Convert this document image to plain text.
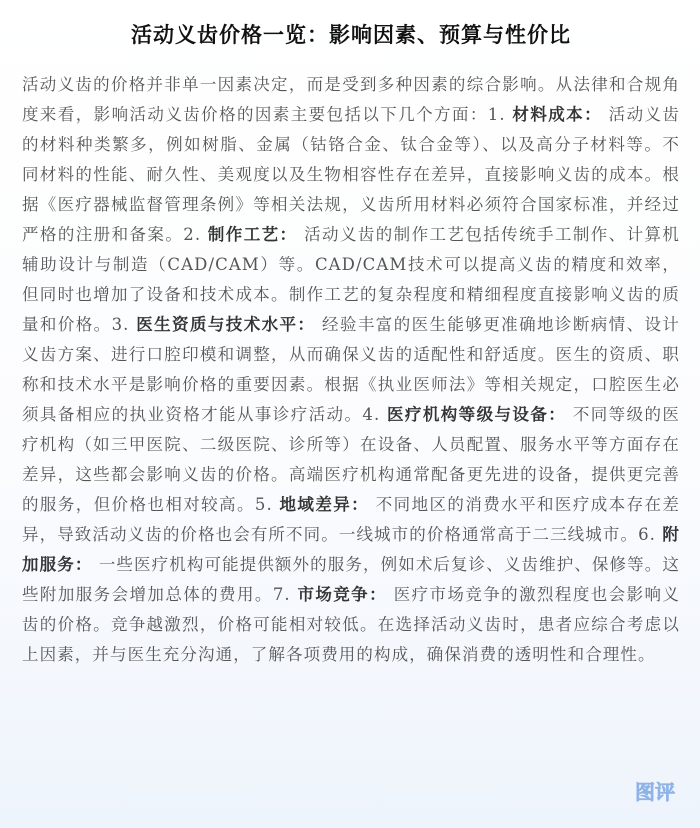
活动义齿价格一览：影响因素、预算与性价比

活动义齿的价格并非单一因素决定，而是受到多种因素的综合影响。从法律和合规角度来看，影响活动义齿价格的因素主要包括以下几个方面：1. 材料成本： 活动义齿的材料种类繁多，例如树脂、金属（钴铬合金、钛合金等）、以及高分子材料等。不同材料的性能、耐久性、美观度以及生物相容性存在差异，直接影响义齿的成本。根据《医疗器械监督管理条例》等相关法规，义齿所用材料必须符合国家标准，并经过严格的注册和备案。2. 制作工艺： 活动义齿的制作工艺包括传统手工制作、计算机辅助设计与制造（CAD/CAM）等。CAD/CAM技术可以提高义齿的精度和效率，但同时也增加了设备和技术成本。制作工艺的复杂程度和精细程度直接影响义齿的质量和价格。3. 医生资质与技术水平： 经验丰富的医生能够更准确地诊断病情、设计义齿方案、进行口腔印模和调整，从而确保义齿的适配性和舒适度。医生的资质、职称和技术水平是影响价格的重要因素。根据《执业医师法》等相关规定，口腔医生必须具备相应的执业资格才能从事诊疗活动。4. 医疗机构等级与设备： 不同等级的医疗机构（如三甲医院、二级医院、诊所等）在设备、人员配置、服务水平等方面存在差异，这些都会影响义齿的价格。高端医疗机构通常配备更先进的设备，提供更完善的服务，但价格也相对较高。5. 地域差异： 不同地区的消费水平和医疗成本存在差异，导致活动义齿的价格也会有所不同。一线城市的价格通常高于二三线城市。6. 附加服务： 一些医疗机构可能提供额外的服务，例如术后复诊、义齿维护、保修等。这些附加服务会增加总体的费用。7. 市场竞争： 医疗市场竞争的激烈程度也会影响义齿的价格。竞争越激烈，价格可能相对较低。在选择活动义齿时，患者应综合考虑以上因素，并与医生充分沟通，了解各项费用的构成，确保消费的透明性和合理性。

图评
